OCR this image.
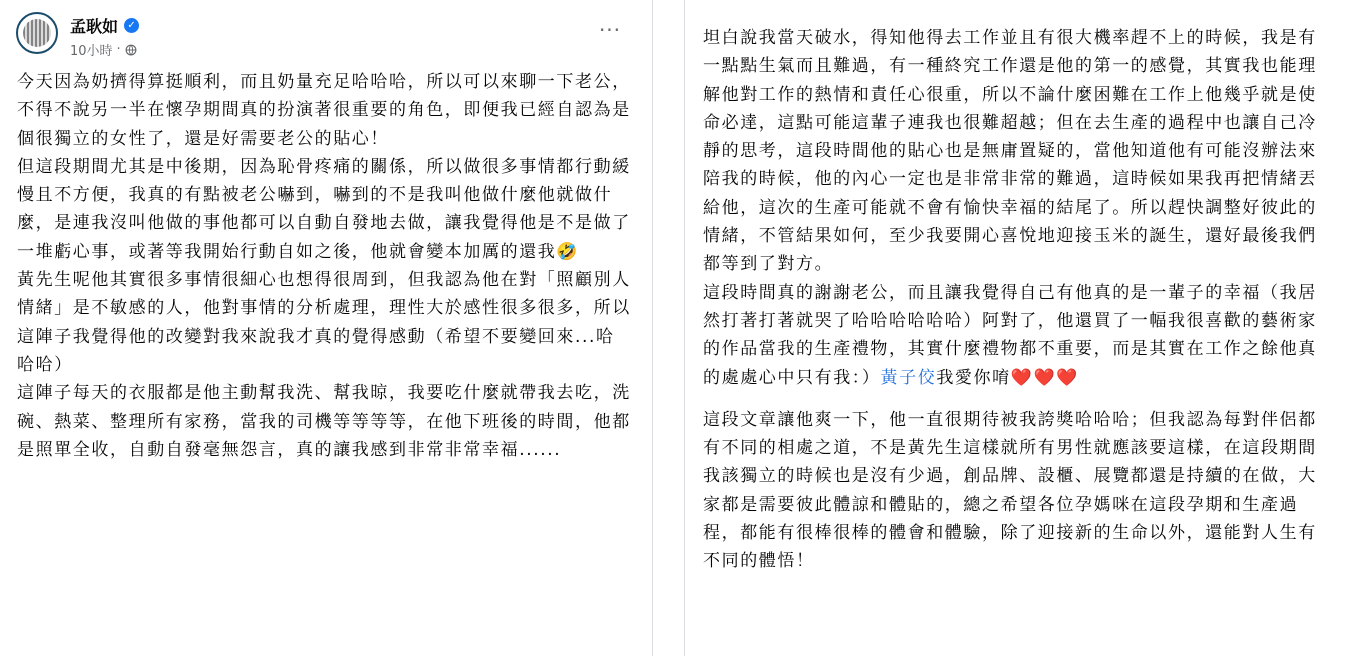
孟耿如 ✓
10小時 ·
···

今天因為奶擠得算挺順利，而且奶量充足哈哈哈，所以可以來聊一下老公，不得不說另一半在懷孕期間真的扮演著很重要的角色，即便我已經自認為是個很獨立的女性了，還是好需要老公的貼心！

但這段期間尤其是中後期，因為恥骨疼痛的關係，所以做很多事情都行動緩慢且不方便，我真的有點被老公嚇到，嚇到的不是我叫他做什麼他就做什麼，是連我沒叫他做的事他都可以自動自發地去做，讓我覺得他是不是做了一堆虧心事，或著等我開始行動自如之後，他就會變本加厲的還我🤣

黃先生呢他其實很多事情很細心也想得很周到，但我認為他在對「照顧別人情緒」是不敏感的人，他對事情的分析處理，理性大於感性很多很多，所以這陣子我覺得他的改變對我來說我才真的覺得感動（希望不要變回來...哈哈哈）

這陣子每天的衣服都是他主動幫我洗、幫我晾，我要吃什麼就帶我去吃，洗碗、熱菜、整理所有家務，當我的司機等等等等，在他下班後的時間，他都是照單全收，自動自發毫無怨言，真的讓我感到非常非常幸福......

坦白說我當天破水，得知他得去工作並且有很大機率趕不上的時候，我是有一點點生氣而且難過，有一種終究工作還是他的第一的感覺，其實我也能理解他對工作的熱情和責任心很重，所以不論什麼困難在工作上他幾乎就是使命必達，這點可能這輩子連我也很難超越；但在去生產的過程中也讓自己冷靜的思考，這段時間他的貼心也是無庸置疑的，當他知道他有可能沒辦法來陪我的時候，他的內心一定也是非常非常的難過，這時候如果我再把情緒丟給他，這次的生產可能就不會有愉快幸福的結尾了。所以趕快調整好彼此的情緒，不管結果如何，至少我要開心喜悅地迎接玉米的誕生，還好最後我們都等到了對方。

這段時間真的謝謝老公，而且讓我覺得自己有他真的是一輩子的幸福（我居然打著打著就哭了哈哈哈哈哈哈）阿對了，他還買了一幅我很喜歡的藝術家的作品當我的生產禮物，其實什麼禮物都不重要，而是其實在工作之餘他真的處處心中只有我：）黃子佼我愛你唷❤️❤️❤️

這段文章讓他爽一下，他一直很期待被我誇獎哈哈哈；但我認為每對伴侶都有不同的相處之道，不是黃先生這樣就所有男性就應該要這樣，在這段期間我該獨立的時候也是沒有少過，創品牌、設櫃、展覽都還是持續的在做，大家都是需要彼此體諒和體貼的，總之希望各位孕媽咪在這段孕期和生產過程，都能有很棒很棒的體會和體驗，除了迎接新的生命以外，還能對人生有不同的體悟！
